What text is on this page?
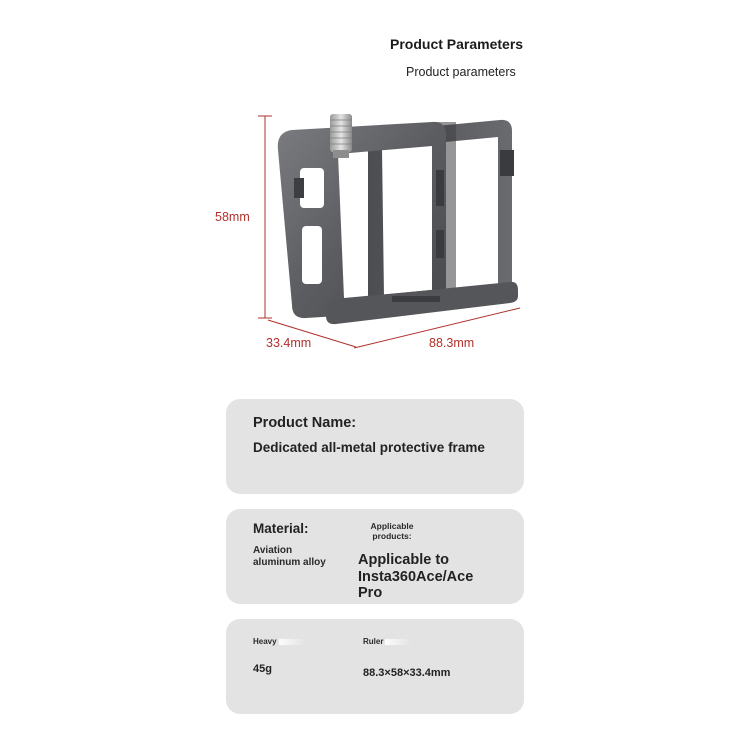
Product Parameters
Product parameters
58mm
33.4mm	88.3mm
Product Name:
Dedicated all-metal protective frame
Material:
Aviation
aluminum alloy
Applicable
products:
Applicable to
Insta360Ace/Ace
Pro
Heavy
45g
Ruler
88.3×58×33.4mm
